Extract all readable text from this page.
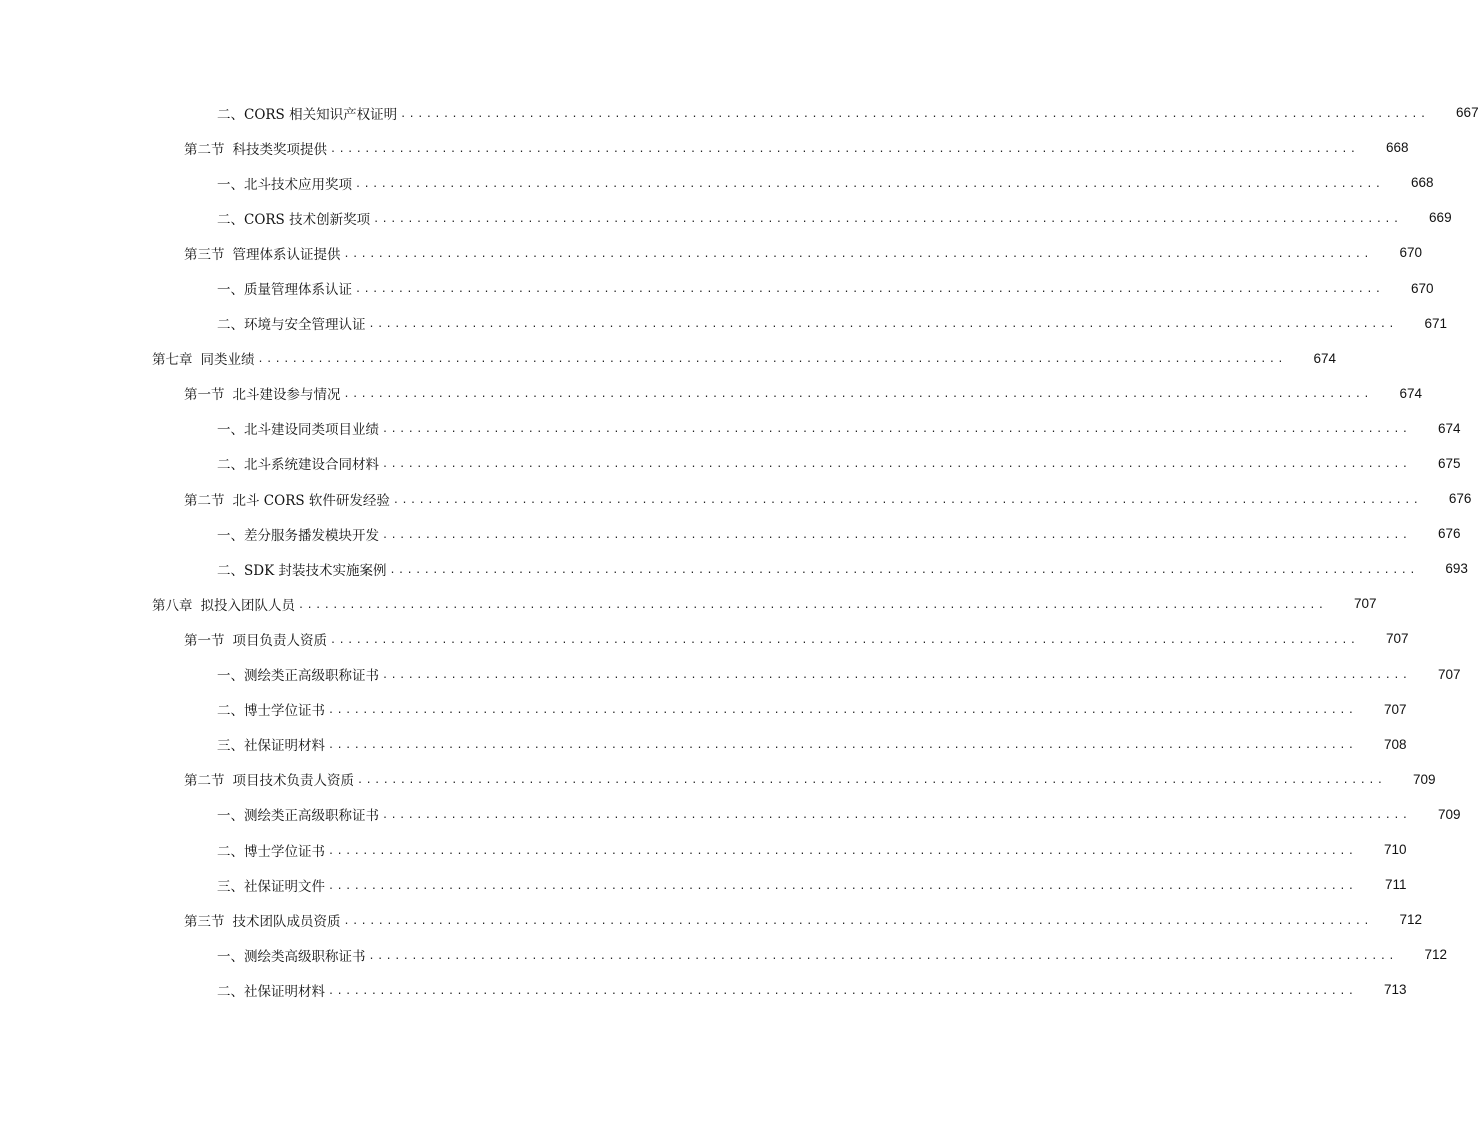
二、 CORS 相关知识产权证明 ........................................................................................................................	667
第二节 科技类奖项提供 ........................................................................................................................	668
一、 北斗技术应用奖项 ........................................................................................................................	668
二、 CORS 技术创新奖项 ........................................................................................................................	669
第三节 管理体系认证提供 ........................................................................................................................	670
一、 质量管理体系认证 ........................................................................................................................	670
二、 环境与安全管理认证 ........................................................................................................................	671
第七章 同类业绩 ........................................................................................................................	674
第一节 北斗建设参与情况 ........................................................................................................................	674
一、 北斗建设同类项目业绩 ........................................................................................................................	674
二、 北斗系统建设合同材料 ........................................................................................................................	675
第二节 北斗 CORS 软件研发经验 ........................................................................................................................	676
一、 差分服务播发模块开发 ........................................................................................................................	676
二、 SDK 封装技术实施案例 ........................................................................................................................	693
第八章 拟投入团队人员 ........................................................................................................................	707
第一节 项目负责人资质 ........................................................................................................................	707
一、 测绘类正高级职称证书 ........................................................................................................................	707
二、 博士学位证书 ........................................................................................................................	707
三、 社保证明材料 ........................................................................................................................	708
第二节 项目技术负责人资质 ........................................................................................................................	709
一、 测绘类正高级职称证书 ........................................................................................................................	709
二、 博士学位证书 ........................................................................................................................	710
三、 社保证明文件 ........................................................................................................................	711
第三节 技术团队成员资质 ........................................................................................................................	712
一、 测绘类高级职称证书 ........................................................................................................................	712
二、 社保证明材料 ........................................................................................................................	713
